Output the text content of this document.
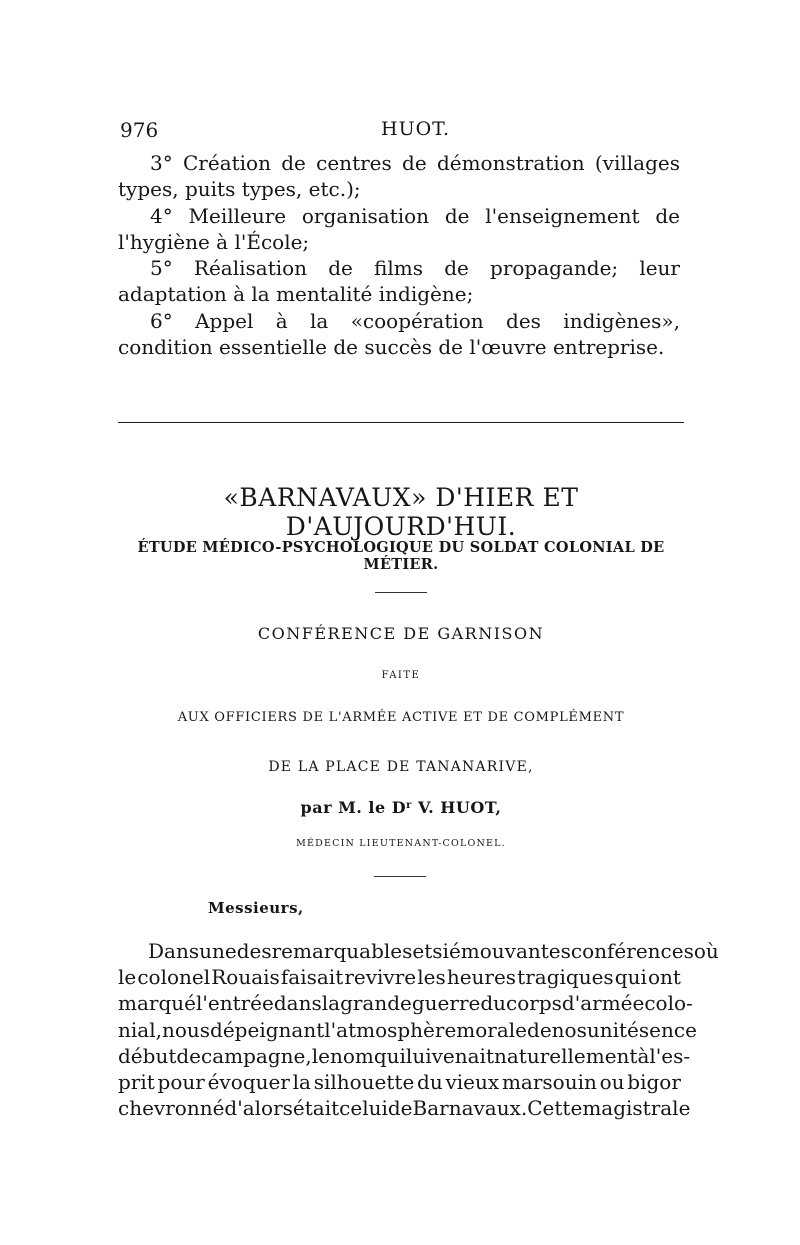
976	HUOT.

3° Création de centres de démonstration (villages types, puits types, etc.);

4° Meilleure organisation de l'enseignement de l'hygiène à l'École;

5° Réalisation de films de propagande; leur adaptation à la mentalité indigène;

6° Appel à la «coopération des indigènes», condition essentielle de succès de l'œuvre entreprise.

«BARNAVAUX» D'HIER ET D'AUJOURD'HUI.
ÉTUDE MÉDICO-PSYCHOLOGIQUE DU SOLDAT COLONIAL DE MÉTIER.
CONFÉRENCE DE GARNISON
FAITE
AUX OFFICIERS DE L'ARMÉE ACTIVE ET DE COMPLÉMENT
DE LA PLACE DE TANANARIVE,
par M. le $D^r$ V. HUOT,
MÉDECIN LIEUTENANT-COLONEL.
Messieurs,
Dans une des remarquables et si émouvantes conférences où
le colonel Rouais faisait revivre les heures tragiques qui ont
marqué l'entrée dans la grande guerre du corps d'armée colo-
nial, nous dépeignant l'atmosphère morale de nos unités en ce
début de campagne, le nom qui lui venait naturellement à l'es-
prit pour évoquer la silhouette du vieux marsouin ou bigor
chevronné d'alors était celui de Barnavaux. Cette magistrale
